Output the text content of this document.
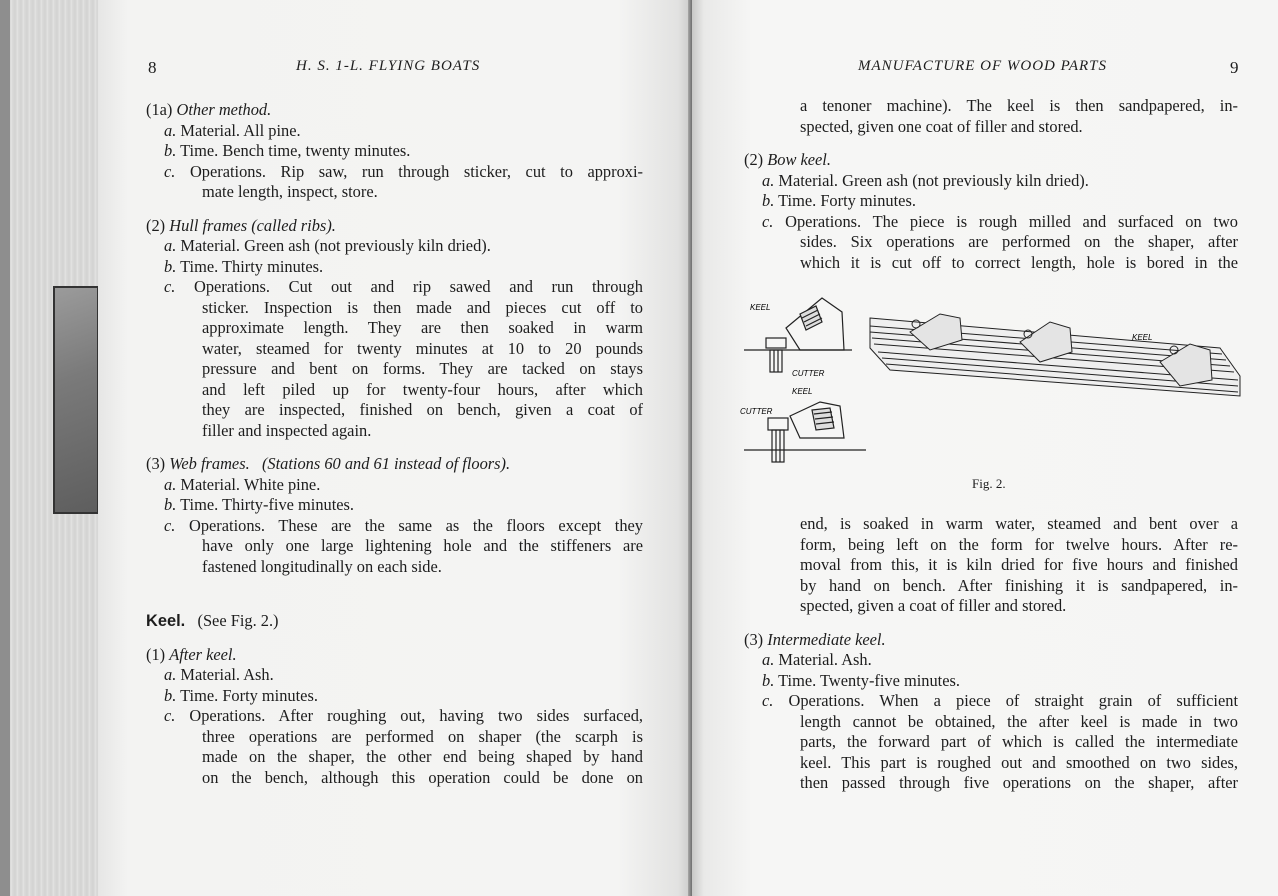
8	H. S. 1-L. FLYING BOATS
(1a) Other method.
a. Material. All pine.
b. Time. Bench time, twenty minutes.
c. Operations. Rip saw, run through sticker, cut to approxi-
mate length, inspect, store.
(2) Hull frames (called ribs).
a. Material. Green ash (not previously kiln dried).
b. Time. Thirty minutes.
c. Operations. Cut out and rip sawed and run through
sticker. Inspection is then made and pieces cut off to
approximate length. They are then soaked in warm
water, steamed for twenty minutes at 10 to 20 pounds
pressure and bent on forms. They are tacked on stays
and left piled up for twenty-four hours, after which
they are inspected, finished on bench, given a coat of
filler and inspected again.
(3) Web frames. (Stations 60 and 61 instead of floors).
a. Material. White pine.
b. Time. Thirty-five minutes.
c. Operations. These are the same as the floors except they
have only one large lightening hole and the stiffeners are
fastened longitudinally on each side.
Keel. (See Fig. 2.)
(1) After keel.
a. Material. Ash.
b. Time. Forty minutes.
c. Operations. After roughing out, having two sides surfaced,
three operations are performed on shaper (the scarph is
made on the shaper, the other end being shaped by hand
on the bench, although this operation could be done on
MANUFACTURE OF WOOD PARTS	9
a tenoner machine). The keel is then sandpapered, in-
spected, given one coat of filler and stored.
(2) Bow keel.
a. Material. Green ash (not previously kiln dried).
b. Time. Forty minutes.
c. Operations. The piece is rough milled and surfaced on two
sides. Six operations are performed on the shaper, after
which it is cut off to correct length, hole is bored in the
KEEL
CUTTER
KEEL
CUTTER
KEEL
Fig. 2.
end, is soaked in warm water, steamed and bent over a
form, being left on the form for twelve hours. After re-
moval from this, it is kiln dried for five hours and finished
by hand on bench. After finishing it is sandpapered, in-
spected, given a coat of filler and stored.
(3) Intermediate keel.
a. Material. Ash.
b. Time. Twenty-five minutes.
c. Operations. When a piece of straight grain of sufficient
length cannot be obtained, the after keel is made in two
parts, the forward part of which is called the intermediate
keel. This part is roughed out and smoothed on two sides,
then passed through five operations on the shaper, after
